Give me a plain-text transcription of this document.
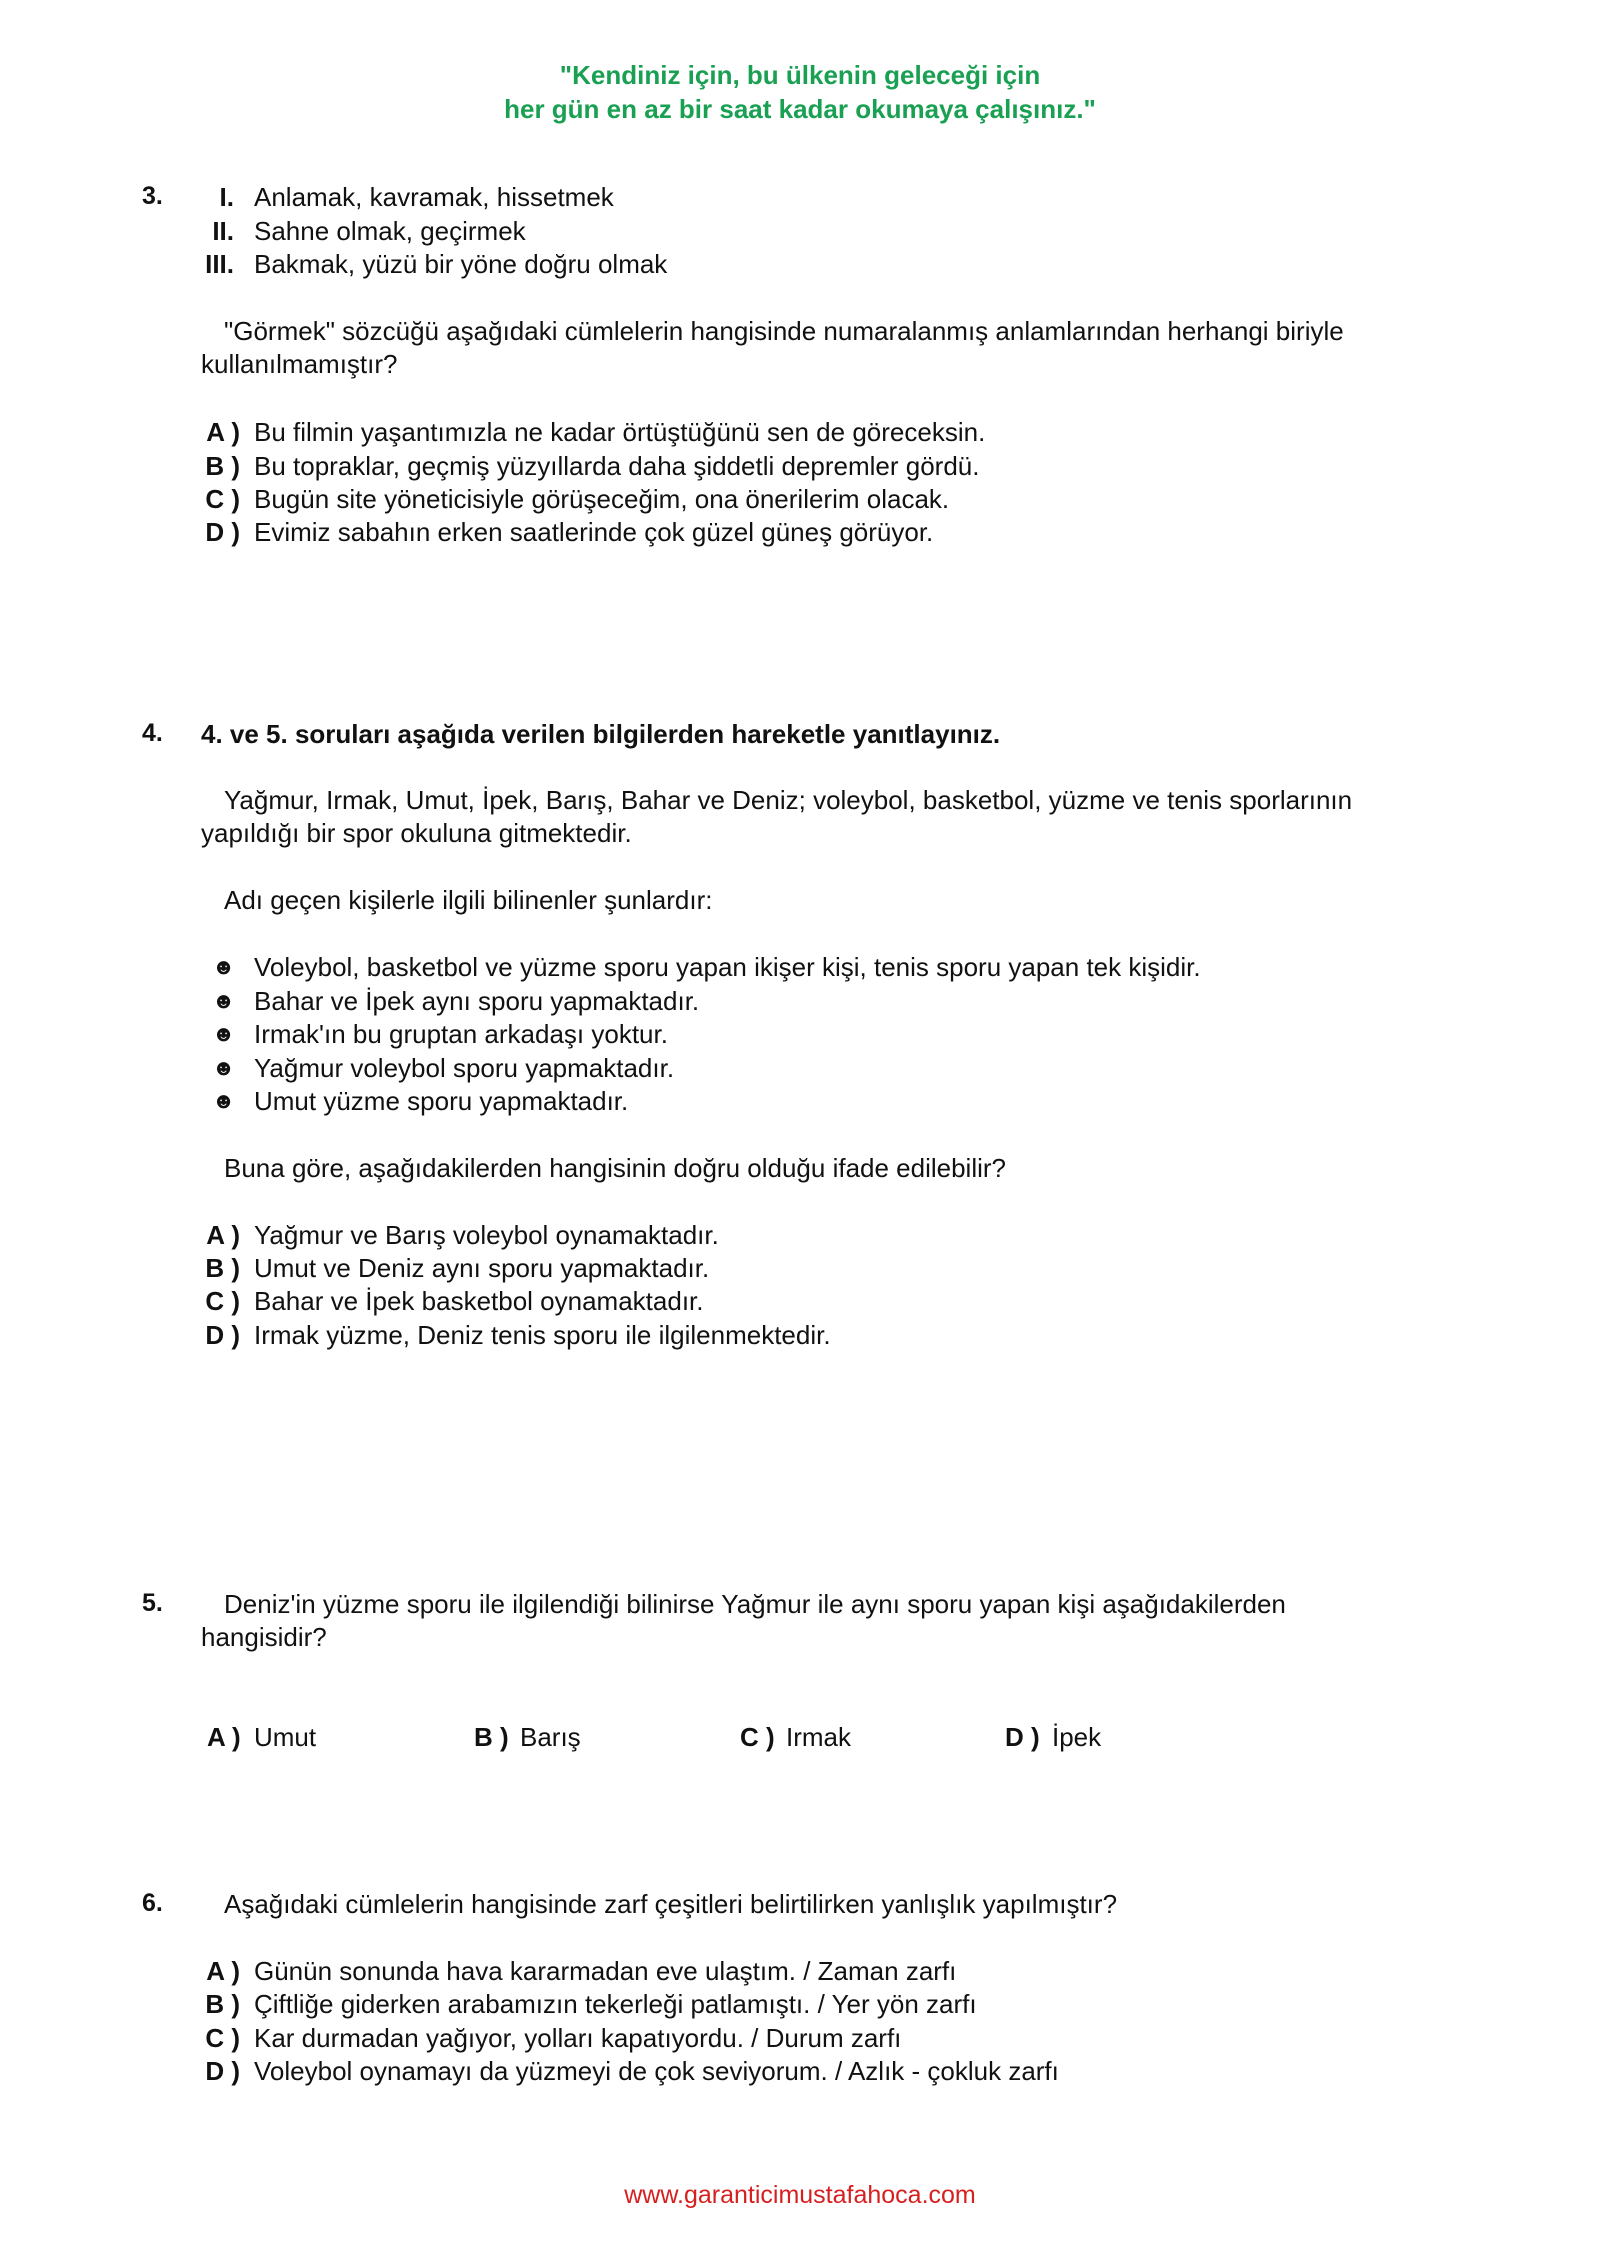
"Kendiniz için, bu ülkenin geleceği için
her gün en az bir saat kadar okumaya çalışınız."
3.	I. Anlamak, kavramak, hissetmek
II. Sahne olmak, geçirmek
III. Bakmak, yüzü bir yöne doğru olmak
"Görmek" sözcüğü aşağıdaki cümlelerin hangisinde numaralanmış anlamlarından herhangi biriyle
kullanılmamıştır?
A ) Bu filmin yaşantımızla ne kadar örtüştüğünü sen de göreceksin.
B ) Bu topraklar, geçmiş yüzyıllarda daha şiddetli depremler gördü.
C ) Bugün site yöneticisiyle görüşeceğim, ona önerilerim olacak.
D ) Evimiz sabahın erken saatlerinde çok güzel güneş görüyor.
4. 4. ve 5. soruları aşağıda verilen bilgilerden hareketle yanıtlayınız.
Yağmur, Irmak, Umut, İpek, Barış, Bahar ve Deniz; voleybol, basketbol, yüzme ve tenis sporlarının
yapıldığı bir spor okuluna gitmektedir.
Adı geçen kişilerle ilgili bilinenler şunlardır:
☻ Voleybol, basketbol ve yüzme sporu yapan ikişer kişi, tenis sporu yapan tek kişidir.
☻ Bahar ve İpek aynı sporu yapmaktadır.
☻ Irmak'ın bu gruptan arkadaşı yoktur.
☻ Yağmur voleybol sporu yapmaktadır.
☻ Umut yüzme sporu yapmaktadır.
Buna göre, aşağıdakilerden hangisinin doğru olduğu ifade edilebilir?
A ) Yağmur ve Barış voleybol oynamaktadır.
B ) Umut ve Deniz aynı sporu yapmaktadır.
C ) Bahar ve İpek basketbol oynamaktadır.
D ) Irmak yüzme, Deniz tenis sporu ile ilgilenmektedir.
5. Deniz'in yüzme sporu ile ilgilendiği bilinirse Yağmur ile aynı sporu yapan kişi aşağıdakilerden
hangisidir?
A ) Umut	B ) Barış	C ) Irmak	D ) İpek
6. Aşağıdaki cümlelerin hangisinde zarf çeşitleri belirtilirken yanlışlık yapılmıştır?
A ) Günün sonunda hava kararmadan eve ulaştım. / Zaman zarfı
B ) Çiftliğe giderken arabamızın tekerleği patlamıştı. / Yer yön zarfı
C ) Kar durmadan yağıyor, yolları kapatıyordu. / Durum zarfı
D ) Voleybol oynamayı da yüzmeyi de çok seviyorum. / Azlık - çokluk zarfı
www.garanticimustafahoca.com
